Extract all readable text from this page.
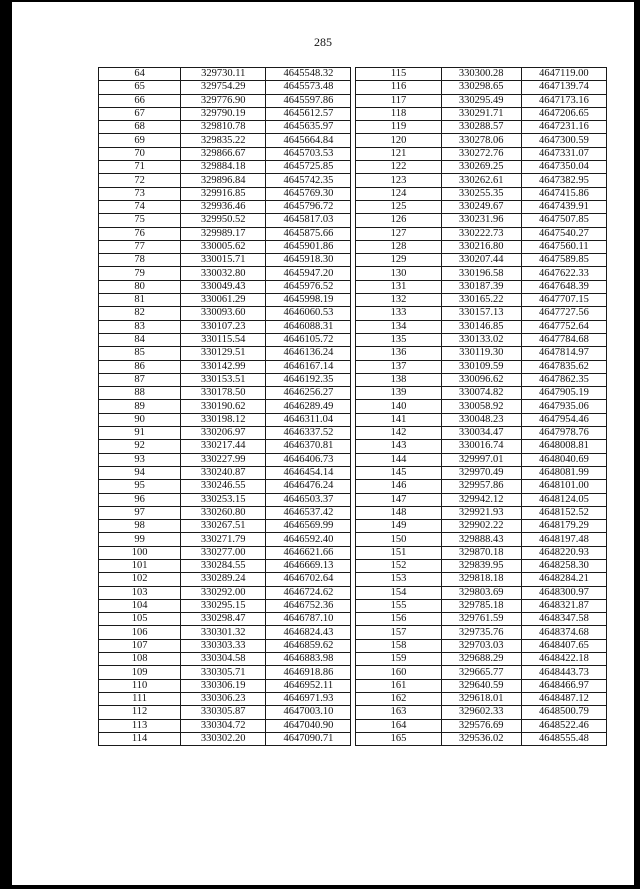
285
64	329730.11	4645548.32		115	330300.28	4647119.00
65	329754.29	4645573.48		116	330298.65	4647139.74
66	329776.90	4645597.86		117	330295.49	4647173.16
67	329790.19	4645612.57		118	330291.71	4647206.65
68	329810.78	4645635.97		119	330288.57	4647231.16
69	329835.22	4645664.84		120	330278.06	4647300.59
70	329866.67	4645703.53		121	330272.76	4647331.07
71	329884.18	4645725.85		122	330269.25	4647350.04
72	329896.84	4645742.35		123	330262.61	4647382.95
73	329916.85	4645769.30		124	330255.35	4647415.86
74	329936.46	4645796.72		125	330249.67	4647439.91
75	329950.52	4645817.03		126	330231.96	4647507.85
76	329989.17	4645875.66		127	330222.73	4647540.27
77	330005.62	4645901.86		128	330216.80	4647560.11
78	330015.71	4645918.30		129	330207.44	4647589.85
79	330032.80	4645947.20		130	330196.58	4647622.33
80	330049.43	4645976.52		131	330187.39	4647648.39
81	330061.29	4645998.19		132	330165.22	4647707.15
82	330093.60	4646060.53		133	330157.13	4647727.56
83	330107.23	4646088.31		134	330146.85	4647752.64
84	330115.54	4646105.72		135	330133.02	4647784.68
85	330129.51	4646136.24		136	330119.30	4647814.97
86	330142.99	4646167.14		137	330109.59	4647835.62
87	330153.51	4646192.35		138	330096.62	4647862.35
88	330178.50	4646256.27		139	330074.82	4647905.19
89	330190.62	4646289.49		140	330058.92	4647935.06
90	330198.12	4646311.04		141	330048.23	4647954.46
91	330206.97	4646337.52		142	330034.47	4647978.76
92	330217.44	4646370.81		143	330016.74	4648008.81
93	330227.99	4646406.73		144	329997.01	4648040.69
94	330240.87	4646454.14		145	329970.49	4648081.99
95	330246.55	4646476.24		146	329957.86	4648101.00
96	330253.15	4646503.37		147	329942.12	4648124.05
97	330260.80	4646537.42		148	329921.93	4648152.52
98	330267.51	4646569.99		149	329902.22	4648179.29
99	330271.79	4646592.40		150	329888.43	4648197.48
100	330277.00	4646621.66		151	329870.18	4648220.93
101	330284.55	4646669.13		152	329839.95	4648258.30
102	330289.24	4646702.64		153	329818.18	4648284.21
103	330292.00	4646724.62		154	329803.69	4648300.97
104	330295.15	4646752.36		155	329785.18	4648321.87
105	330298.47	4646787.10		156	329761.59	4648347.58
106	330301.32	4646824.43		157	329735.76	4648374.68
107	330303.33	4646859.62		158	329703.03	4648407.65
108	330304.58	4646883.98		159	329688.29	4648422.18
109	330305.71	4646918.86		160	329665.77	4648443.73
110	330306.19	4646952.11		161	329640.59	4648466.97
111	330306.23	4646971.93		162	329618.01	4648487.12
112	330305.87	4647003.10		163	329602.33	4648500.79
113	330304.72	4647040.90		164	329576.69	4648522.46
114	330302.20	4647090.71		165	329536.02	4648555.48
